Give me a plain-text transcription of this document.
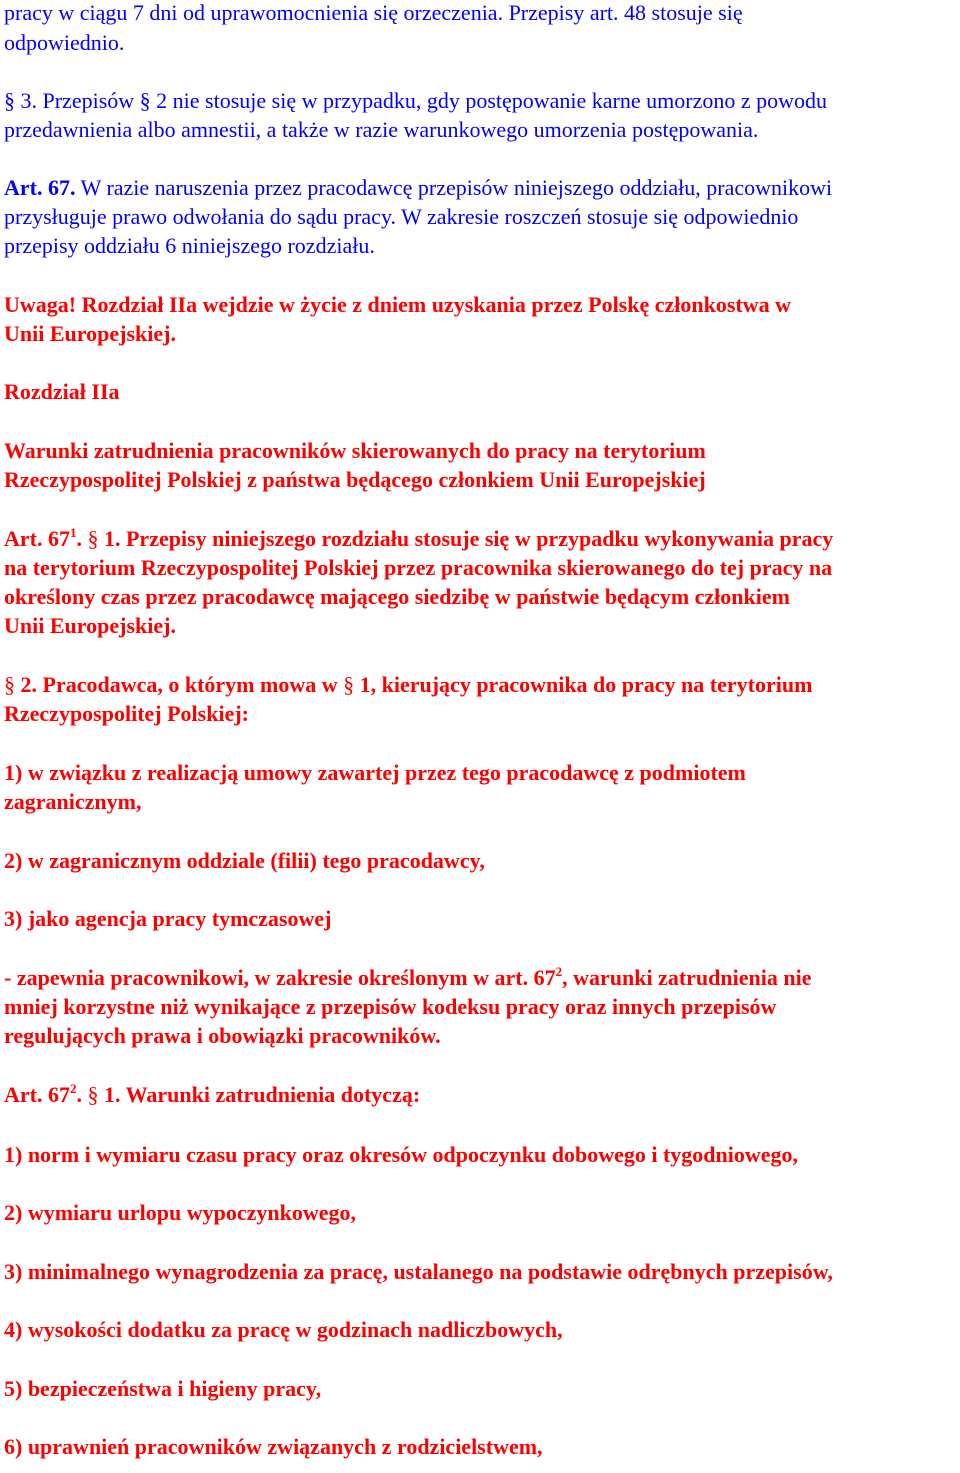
pracy w ciągu 7 dni od uprawomocnienia się orzeczenia. Przepisy art. 48 stosuje się
odpowiednio.
§ 3. Przepisów § 2 nie stosuje się w przypadku, gdy postępowanie karne umorzono z powodu
przedawnienia albo amnestii, a także w razie warunkowego umorzenia postępowania.
Art. 67. W razie naruszenia przez pracodawcę przepisów niniejszego oddziału, pracownikowi
przysługuje prawo odwołania do sądu pracy. W zakresie roszczeń stosuje się odpowiednio
przepisy oddziału 6 niniejszego rozdziału.
Uwaga! Rozdział IIa wejdzie w życie z dniem uzyskania przez Polskę członkostwa w
Unii Europejskiej.
Rozdział IIa
Warunki zatrudnienia pracowników skierowanych do pracy na terytorium
Rzeczypospolitej Polskiej z państwa będącego członkiem Unii Europejskiej
Art. $67^1$. § 1. Przepisy niniejszego rozdziału stosuje się w przypadku wykonywania pracy
na terytorium Rzeczypospolitej Polskiej przez pracownika skierowanego do tej pracy na
określony czas przez pracodawcę mającego siedzibę w państwie będącym członkiem
Unii Europejskiej.
§ 2. Pracodawca, o którym mowa w § 1, kierujący pracownika do pracy na terytorium
Rzeczypospolitej Polskiej:
1) w związku z realizacją umowy zawartej przez tego pracodawcę z podmiotem
zagranicznym,
2) w zagranicznym oddziale (filii) tego pracodawcy,
3) jako agencja pracy tymczasowej
- zapewnia pracownikowi, w zakresie określonym w art. $67^2$, warunki zatrudnienia nie
mniej korzystne niż wynikające z przepisów kodeksu pracy oraz innych przepisów
regulujących prawa i obowiązki pracowników.
Art. $67^2$. § 1. Warunki zatrudnienia dotyczą:
1) norm i wymiaru czasu pracy oraz okresów odpoczynku dobowego i tygodniowego,
2) wymiaru urlopu wypoczynkowego,
3) minimalnego wynagrodzenia za pracę, ustalanego na podstawie odrębnych przepisów,
4) wysokości dodatku za pracę w godzinach nadliczbowych,
5) bezpieczeństwa i higieny pracy,
6) uprawnień pracowników związanych z rodzicielstwem,
